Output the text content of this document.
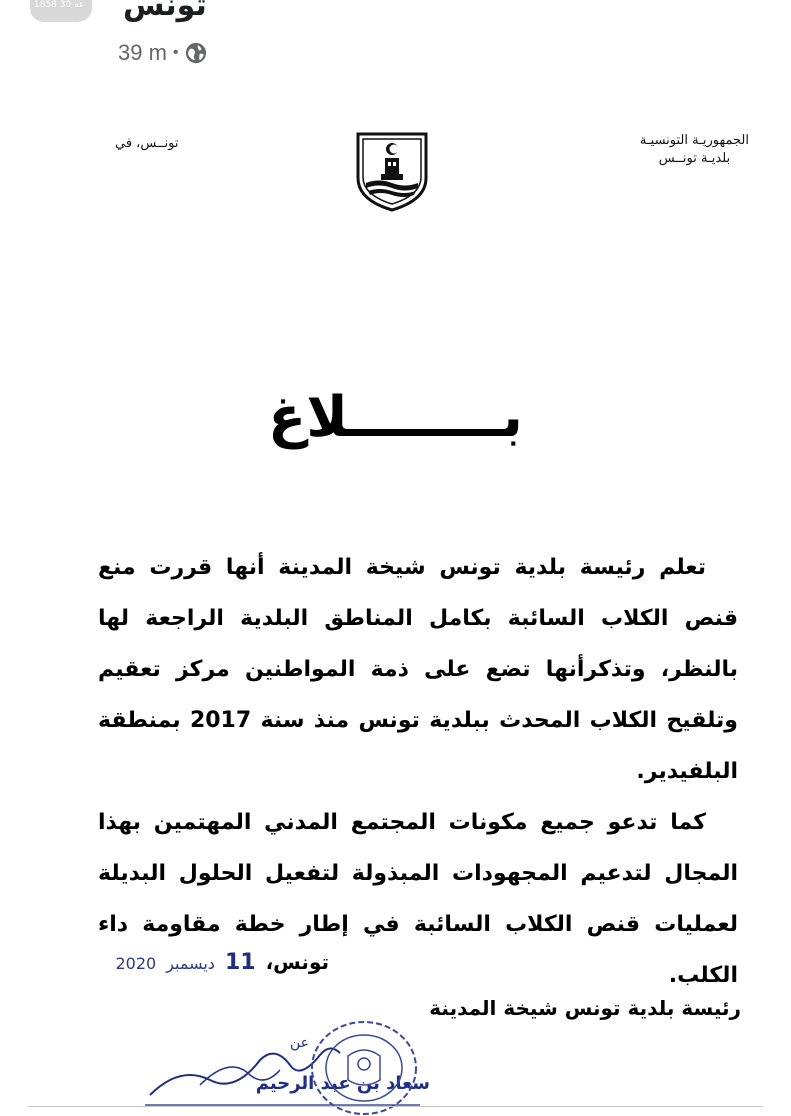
1858 عه 30 تونس
39 m •
الجمهوريـة التونسيـة
بلديـة تونــس
تونــس، في
بــــــــلاغ

تعلم رئيسة بلدية تونس شيخة المدينة أنها قررت منع قنص الكلاب السائبة بكامل المناطق البلدية الراجعة لها بالنظر، وتذكرأنها تضع على ذمة المواطنين مركز تعقيم وتلقيح الكلاب المحدث ببلدية تونس منذ سنة 2017 بمنطقة البلفيدير.

كما تدعو جميع مكونات المجتمع المدني المهتمين بهذا المجال لتدعيم المجهودات المبذولة لتفعيل الحلول البديلة لعمليات قنص الكلاب السائبة في إطار خطة مقاومة داء الكلب.

تونس،
11
ديسمبر
2020
رئيسة بلدية تونس شيخة المدينة
عن
سعاد بن عبد الرحيم
